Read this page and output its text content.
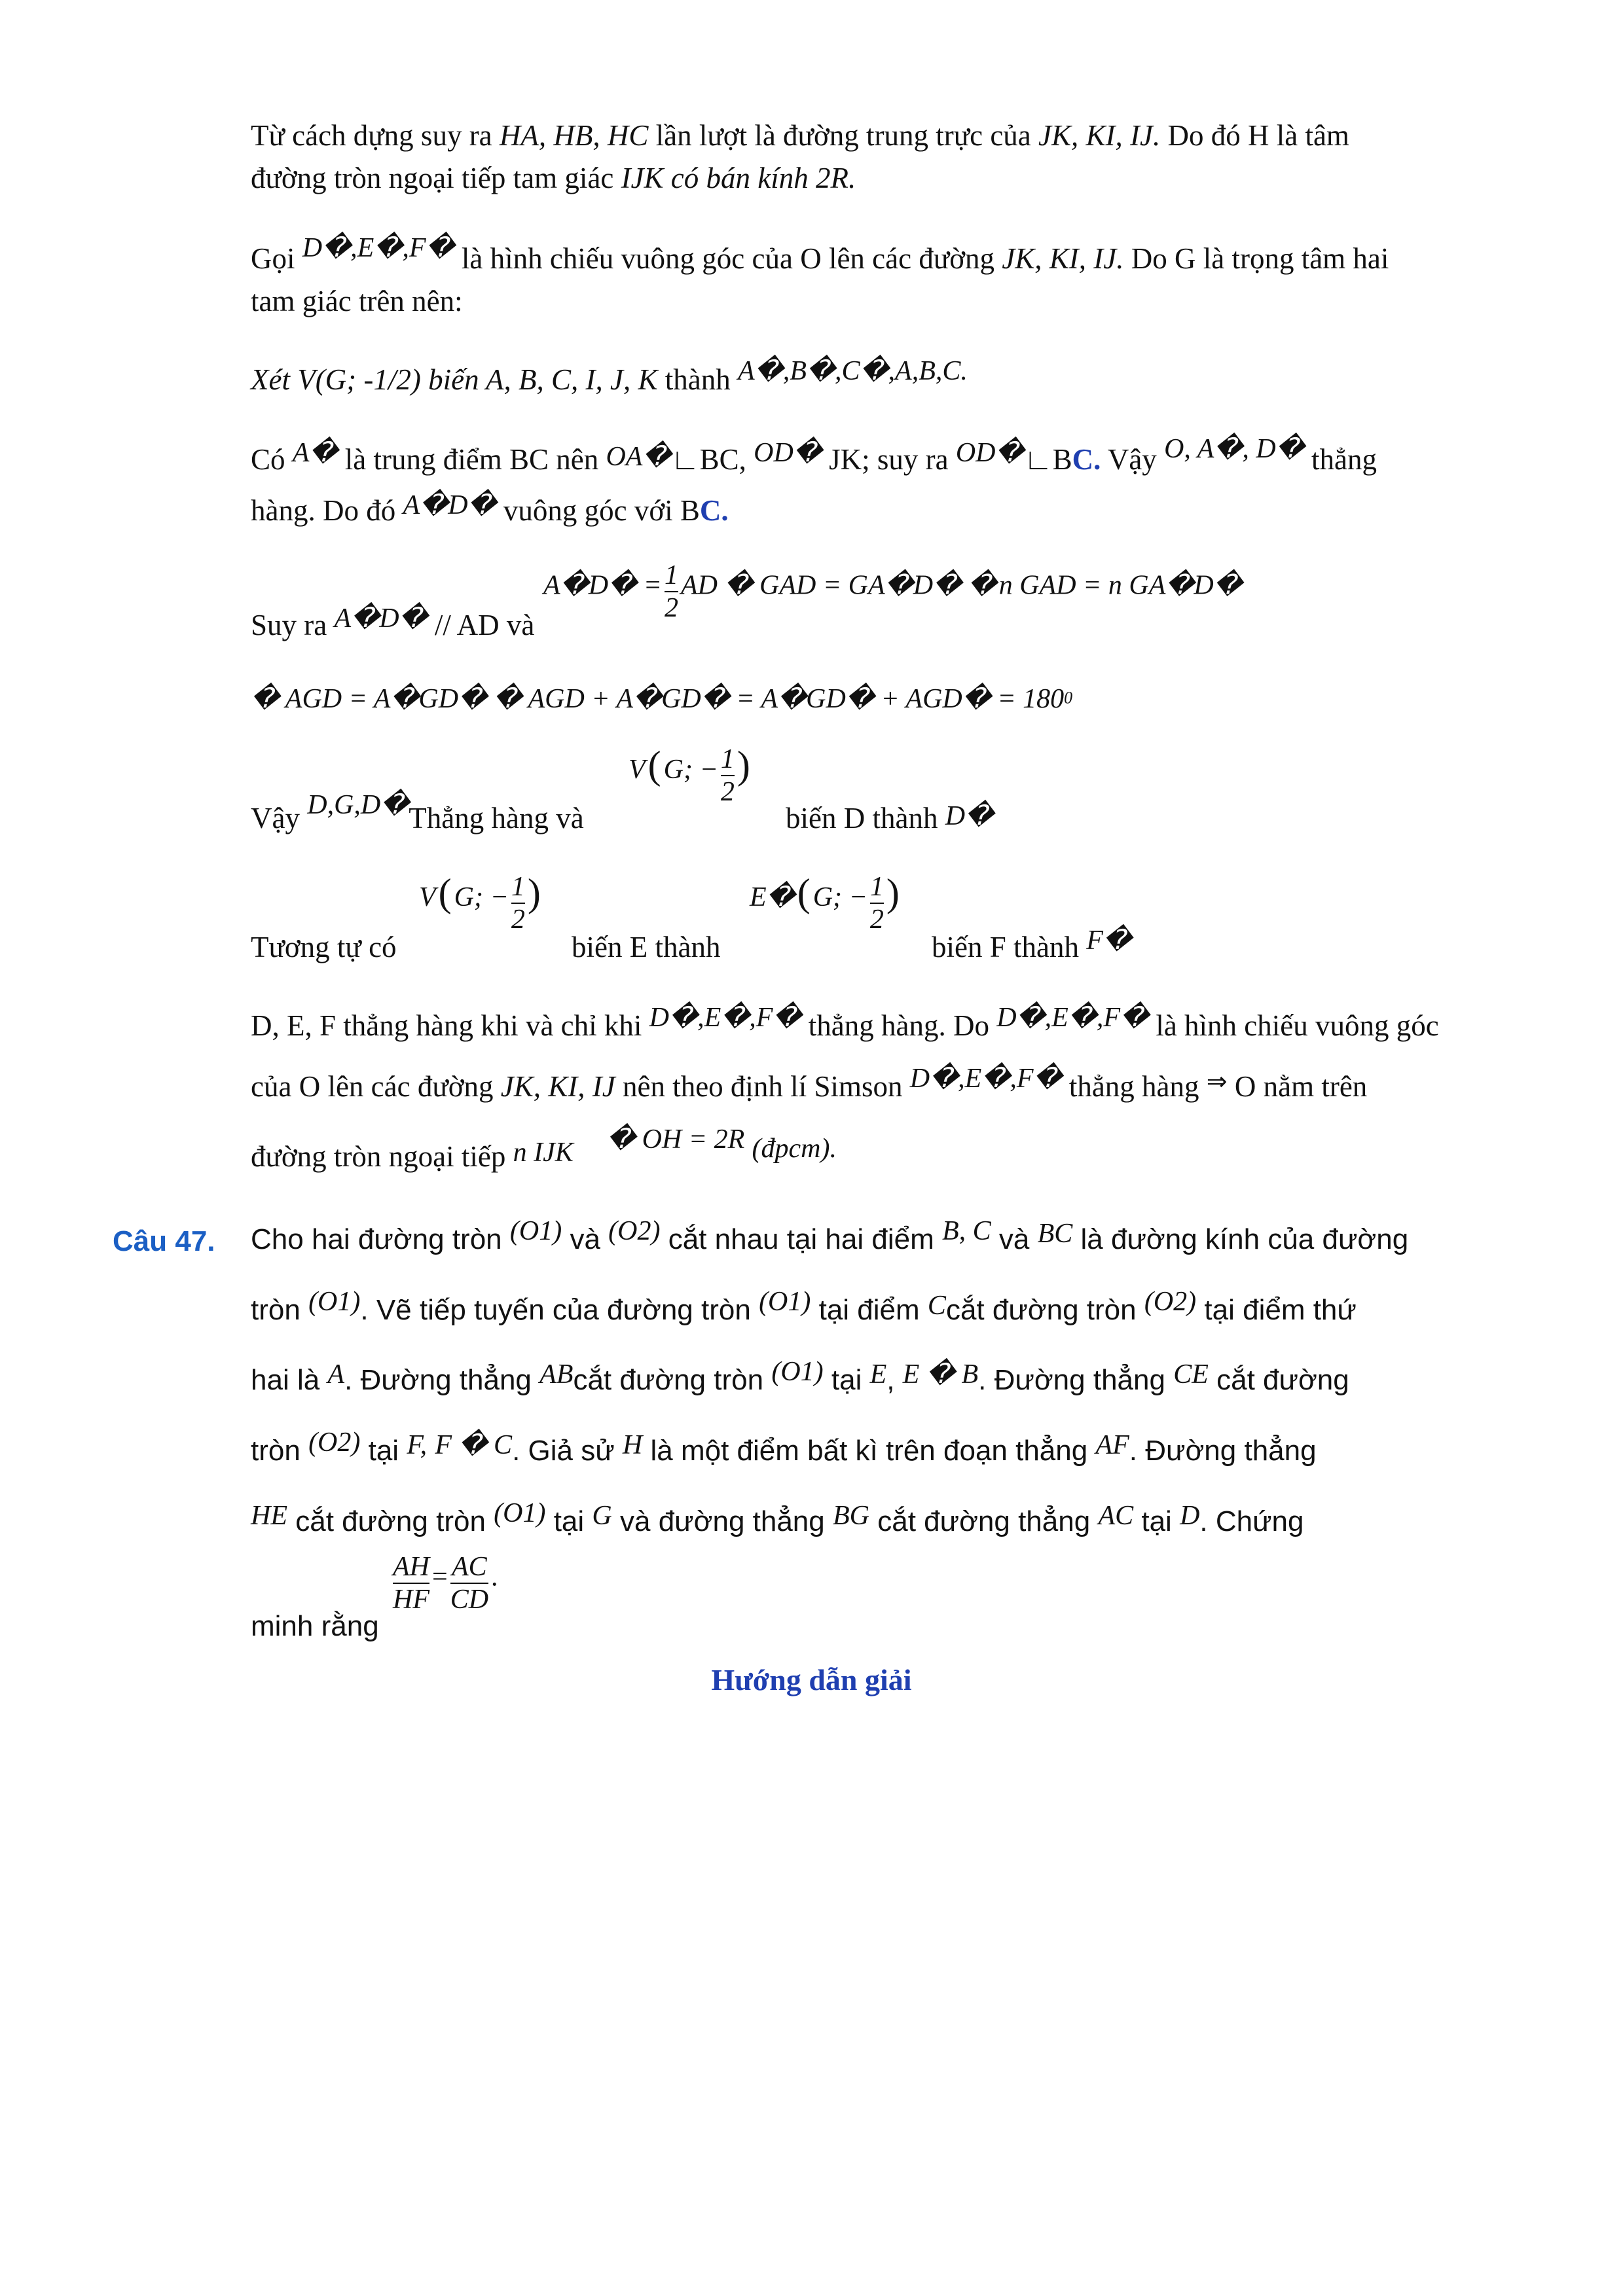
Từ cách dựng suy ra HA, HB, HC lần lượt là đường trung trực của JK, KI, IJ. Do đó H là tâm
đường tròn ngoại tiếp tam giác IJK có bán kính 2R.
Gọi D�,E�,F� là hình chiếu vuông góc của O lên các đường JK, KI, IJ. Do G là trọng tâm hai
tam giác trên nên:
Xét V(G; -1/2) biến A, B, C, I, J, K thành A�,B�,C�,A,B,C.
Có A� là trung điểm BC nên OA�∟BC, OD� JK; suy ra OD�∟BC. Vậy O, A�, D� thẳng
hàng. Do đó A�D� vuông góc với BC.
Suy ra A�D� // AD và
A�D� = $\frac{1}{2}$ AD � GAD = GA�D� � n GAD = n GA�D�
� AGD = A�GD� � AGD + A�GD� = A�GD� + AGD� = $180^0$
Vậy D,G,D�Thẳng hàng và
V ( G; − $\frac{1}{2}$ )
biến D thành D�
Tương tự có
V ( G; − $\frac{1}{2}$ )
biến E thành
E� ( G; − $\frac{1}{2}$ )
biến F thành F�
D, E, F thẳng hàng khi và chỉ khi D�,E�,F� thẳng hàng. Do D�,E�,F� là hình chiếu vuông góc
của O lên các đường JK, KI, IJ nên theo định lí Simson D�,E�,F� thẳng hàng ⇒ O nằm trên
đường tròn ngoại tiếp n IJK � OH = 2R (đpcm).
Câu 47. Cho hai đường tròn (O1) và (O2) cắt nhau tại hai điểm B, C và BC là đường kính của đường
tròn (O1). Vẽ tiếp tuyến của đường tròn (O1) tại điểm Ccắt đường tròn (O2) tại điểm thứ
hai là A. Đường thẳng ABcắt đường tròn (O1) tại E, E � B. Đường thẳng CE cắt đường
tròn (O2) tại F, F � C. Giả sử H là một điểm bất kì trên đoạn thẳng AF. Đường thẳng
HE cắt đường tròn (O1) tại G và đường thẳng BG cắt đường thẳng AC tại D. Chứng
minh rằng
$\frac{AH}{HF} = \frac{AC}{CD}$ .
Hướng dẫn giải
